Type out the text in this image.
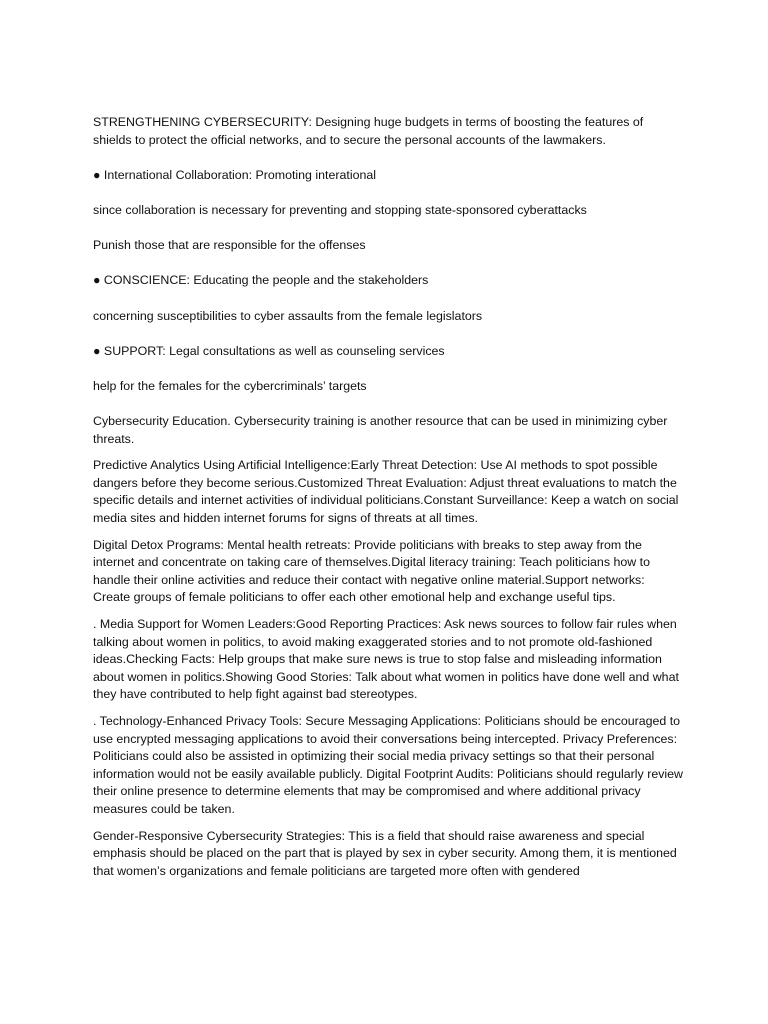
STRENGTHENING CYBERSECURITY: Designing huge budgets in terms of boosting the features of shields to protect the official networks, and to secure the personal accounts of the lawmakers.

● International Collaboration: Promoting interational

since collaboration is necessary for preventing and stopping state-sponsored cyberattacks

Punish those that are responsible for the offenses

● CONSCIENCE: Educating the people and the stakeholders

concerning susceptibilities to cyber assaults from the female legislators

● SUPPORT: Legal consultations as well as counseling services

help for the females for the cybercriminals’ targets

Cybersecurity Education. Cybersecurity training is another resource that can be used in minimizing cyber threats.

Predictive Analytics Using Artificial Intelligence:Early Threat Detection: Use AI methods to spot possible dangers before they become serious.Customized Threat Evaluation: Adjust threat evaluations to match the specific details and internet activities of individual politicians.Constant Surveillance: Keep a watch on social media sites and hidden internet forums for signs of threats at all times.

Digital Detox Programs: Mental health retreats: Provide politicians with breaks to step away from the internet and concentrate on taking care of themselves.Digital literacy training: Teach politicians how to handle their online activities and reduce their contact with negative online material.Support networks: Create groups of female politicians to offer each other emotional help and exchange useful tips.

. Media Support for Women Leaders:Good Reporting Practices: Ask news sources to follow fair rules when talking about women in politics, to avoid making exaggerated stories and to not promote old-fashioned ideas.Checking Facts: Help groups that make sure news is true to stop false and misleading information about women in politics.Showing Good Stories: Talk about what women in politics have done well and what they have contributed to help fight against bad stereotypes.

. Technology-Enhanced Privacy Tools: Secure Messaging Applications: Politicians should be encouraged to use encrypted messaging applications to avoid their conversations being intercepted. Privacy Preferences: Politicians could also be assisted in optimizing their social media privacy settings so that their personal information would not be easily available publicly. Digital Footprint Audits: Politicians should regularly review their online presence to determine elements that may be compromised and where additional privacy measures could be taken.

Gender-Responsive Cybersecurity Strategies: This is a field that should raise awareness and special emphasis should be placed on the part that is played by sex in cyber security. Among them, it is mentioned that women’s organizations and female politicians are targeted more often with gendered
